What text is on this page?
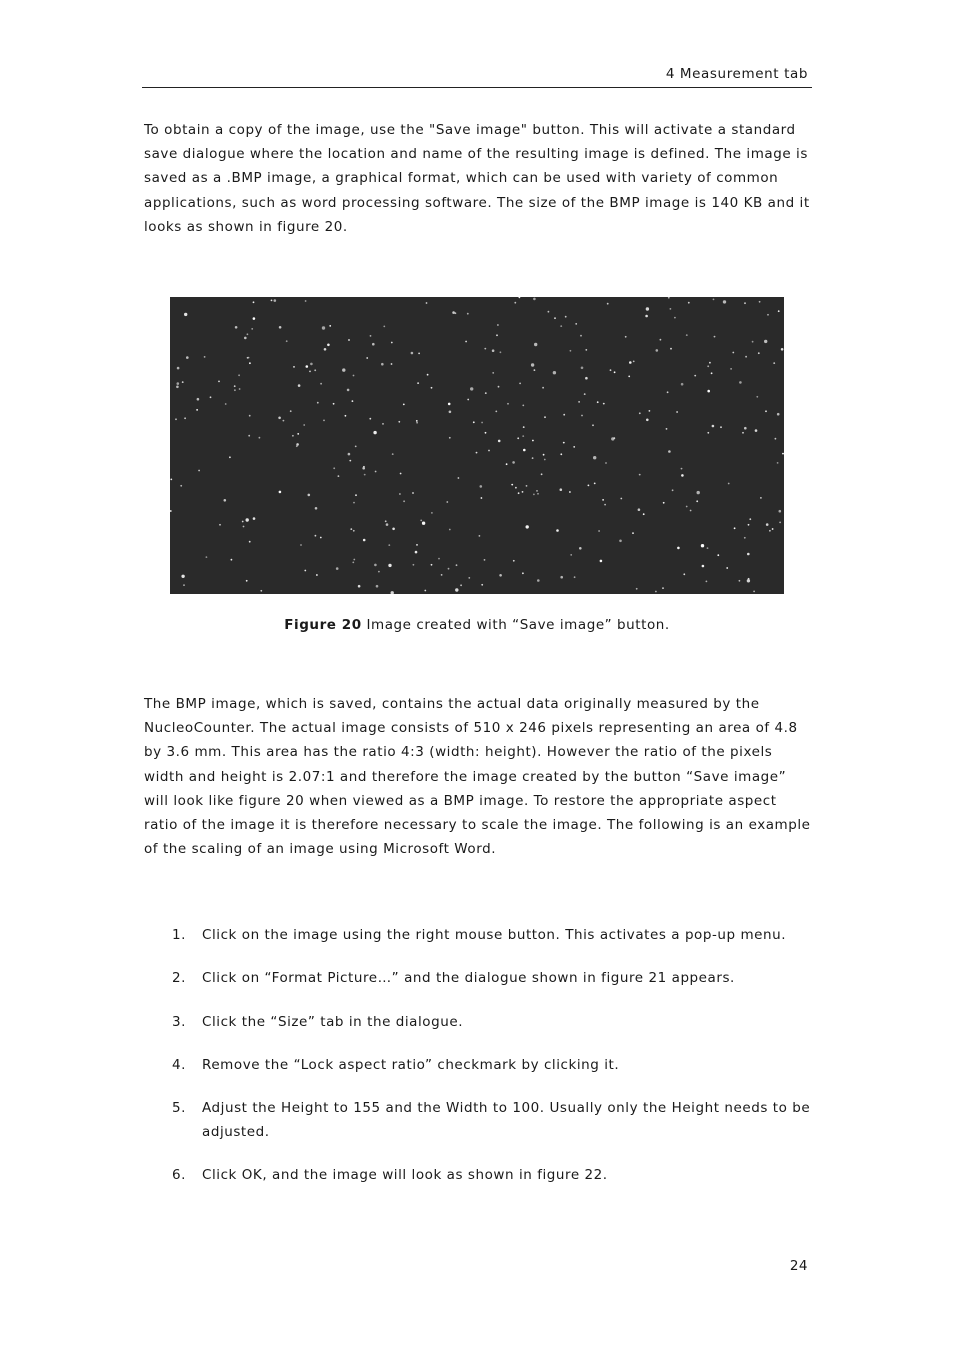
4 Measurement tab

To obtain a copy of the image, use the "Save image" button. This will activate a standard
save dialogue where the location and name of the resulting image is defined. The image is
saved as a .BMP image, a graphical format, which can be used with variety of common
applications, such as word processing software. The size of the BMP image is 140 KB and it
looks as shown in figure 20.

Figure 20 Image created with “Save image” button.

The BMP image, which is saved, contains the actual data originally measured by the
NucleoCounter. The actual image consists of 510 x 246 pixels representing an area of 4.8
by 3.6 mm. This area has the ratio 4:3 (width: height). However the ratio of the pixels
width and height is 2.07:1 and therefore the image created by the button “Save image”
will look like figure 20 when viewed as a BMP image. To restore the appropriate aspect
ratio of the image it is therefore necessary to scale the image. The following is an example
of the scaling of an image using Microsoft Word.

1. Click on the image using the right mouse button. This activates a pop-up menu.
2. Click on “Format Picture…” and the dialogue shown in figure 21 appears.
3. Click the “Size” tab in the dialogue.
4. Remove the “Lock aspect ratio” checkmark by clicking it.
5. Adjust the Height to 155 and the Width to 100. Usually only the Height needs to be
adjusted.
6. Click OK, and the image will look as shown in figure 22.
24
